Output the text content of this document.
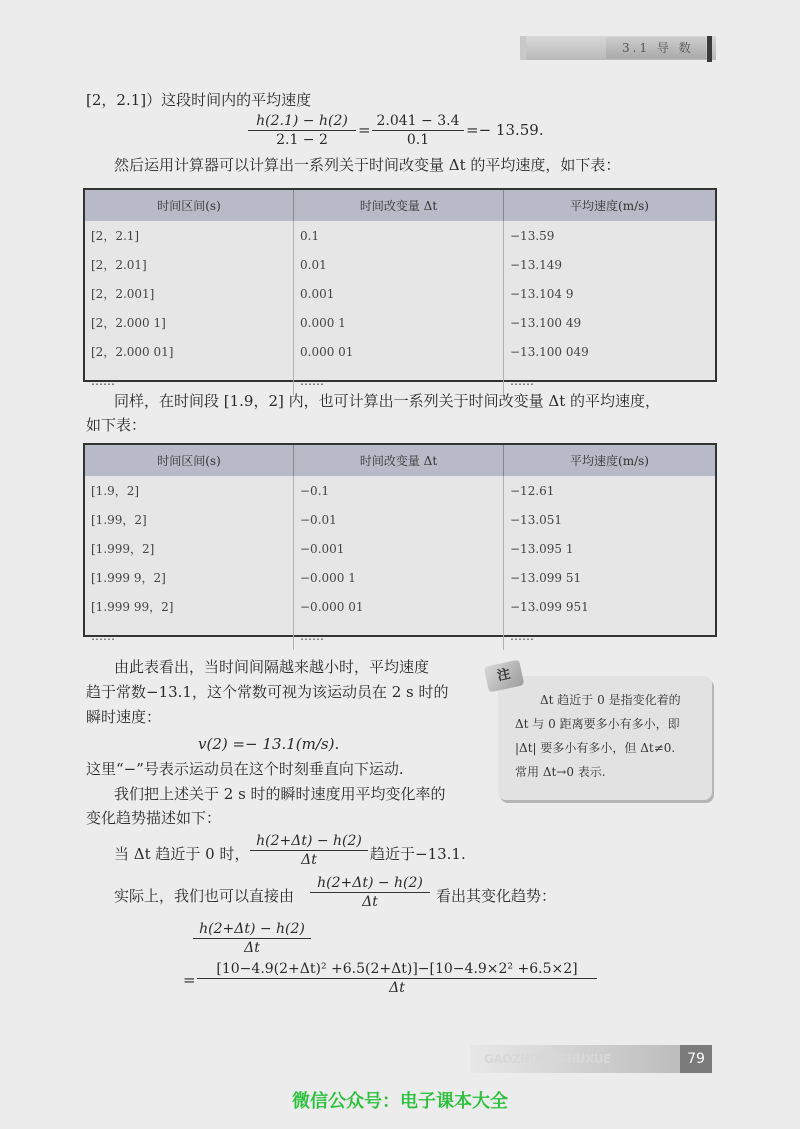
3.1 导 数
[2，2.1]）这段时间内的平均速度
$\frac{h(2.1) - h(2)}{2.1 - 2} = \frac{2.041 - 3.4}{0.1} =- 13.59$.
然后运用计算器可以计算出一系列关于时间改变量 Δt 的平均速度，如下表：
时间区间(s)	时间改变量 Δt	平均速度(m/s)
[2，2.1]	0.1	−13.59
[2，2.01]	0.01	−13.149
[2，2.001]	0.001	−13.104 9
[2，2.000 1]	0.000 1	−13.100 49
[2，2.000 01]	0.000 01	−13.100 049
……	……	……
同样，在时间段 [1.9，2] 内，也可计算出一系列关于时间改变量 Δt 的平均速度，
如下表：
时间区间(s)	时间改变量 Δt	平均速度(m/s)
[1.9，2]	−0.1	−12.61
[1.99，2]	−0.01	−13.051
[1.999，2]	−0.001	−13.095 1
[1.999 9，2]	−0.000 1	−13.099 51
[1.999 99，2]	−0.000 01	−13.099 951
……	……	……
由此表看出，当时间间隔越来越小时，平均速度
趋于常数−13.1，这个常数可视为该运动员在 2 s 时的
瞬时速度：
v(2) =− 13.1(m/s).
这里“−”号表示运动员在这个时刻垂直向下运动.
我们把上述关于 2 s 时的瞬时速度用平均变化率的
变化趋势描述如下：
当 Δt 趋近于 0 时， $\frac{h(2+\Delta t) - h(2)}{\Delta t}$ 趋近于−13.1.
实际上，我们也可以直接由 $\frac{h(2+\Delta t) - h(2)}{\Delta t}$ 看出其变化趋势：
$\frac{h(2+\Delta t) - h(2)}{\Delta t}$
= $\frac{\text{[10−4.9(2+Δt)² +6.5(2+Δt)]−[10−4.9×2² +6.5×2]}}{\Delta t}$
注
Δt 趋近于 0 是指变化着的
Δt 与 0 距离要多小有多小，即
|Δt| 要多小有多小，但 Δt≠0.
常用 Δt→0 表示.
GAOZHONGSHUXUE	79
微信公众号：电子课本大全
